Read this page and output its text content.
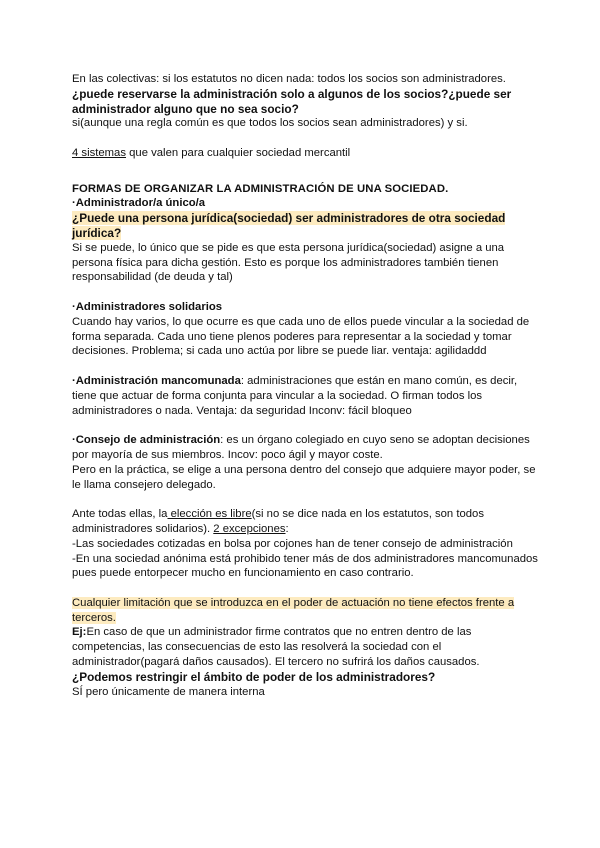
En las colectivas: si los estatutos no dicen nada: todos los socios son administradores.

¿puede reservarse la administración solo a algunos de los socios?¿puede ser administrador alguno que no sea socio?

si(aunque una regla común es que todos los socios sean administradores) y si.

4 sistemas que valen para cualquier sociedad mercantil

FORMAS DE ORGANIZAR LA ADMINISTRACIÓN DE UNA SOCIEDAD.

·Administrador/a único/a

¿Puede una persona jurídica(sociedad) ser administradores de otra sociedad jurídica?

Si se puede, lo único que se pide es que esta persona jurídica(sociedad) asigne a una persona física para dicha gestión. Esto es porque los administradores también tienen responsabilidad (de deuda y tal)

·Administradores solidarios

Cuando hay varios, lo que ocurre es que cada uno de ellos puede vincular a la sociedad de forma separada. Cada uno tiene plenos poderes para representar a la sociedad y tomar decisiones. Problema; si cada uno actúa por libre se puede liar. ventaja: agilidaddd

·Administración mancomunada: administraciones que están en mano común, es decir, tiene que actuar de forma conjunta para vincular a la sociedad. O firman todos los administradores o nada. Ventaja: da seguridad Inconv: fácil bloqueo

·Consejo de administración: es un órgano colegiado en cuyo seno se adoptan decisiones por mayoría de sus miembros. Incov: poco ágil y mayor coste.

Pero en la práctica, se elige a una persona dentro del consejo que adquiere mayor poder, se le llama consejero delegado.

Ante todas ellas, la elección es libre(si no se dice nada en los estatutos, son todos administradores solidarios). 2 excepciones:

-Las sociedades cotizadas en bolsa por cojones han de tener consejo de administración

-En una sociedad anónima está prohibido tener más de dos administradores mancomunados pues puede entorpecer mucho en funcionamiento en caso contrario.

Cualquier limitación que se introduzca en el poder de actuación no tiene efectos frente a terceros.

Ej:En caso de que un administrador firme contratos que no entren dentro de las competencias, las consecuencias de esto las resolverá la sociedad con el administrador(pagará daños causados). El tercero no sufrirá los daños causados.

¿Podemos restringir el ámbito de poder de los administradores?

SÍ pero únicamente de manera interna
